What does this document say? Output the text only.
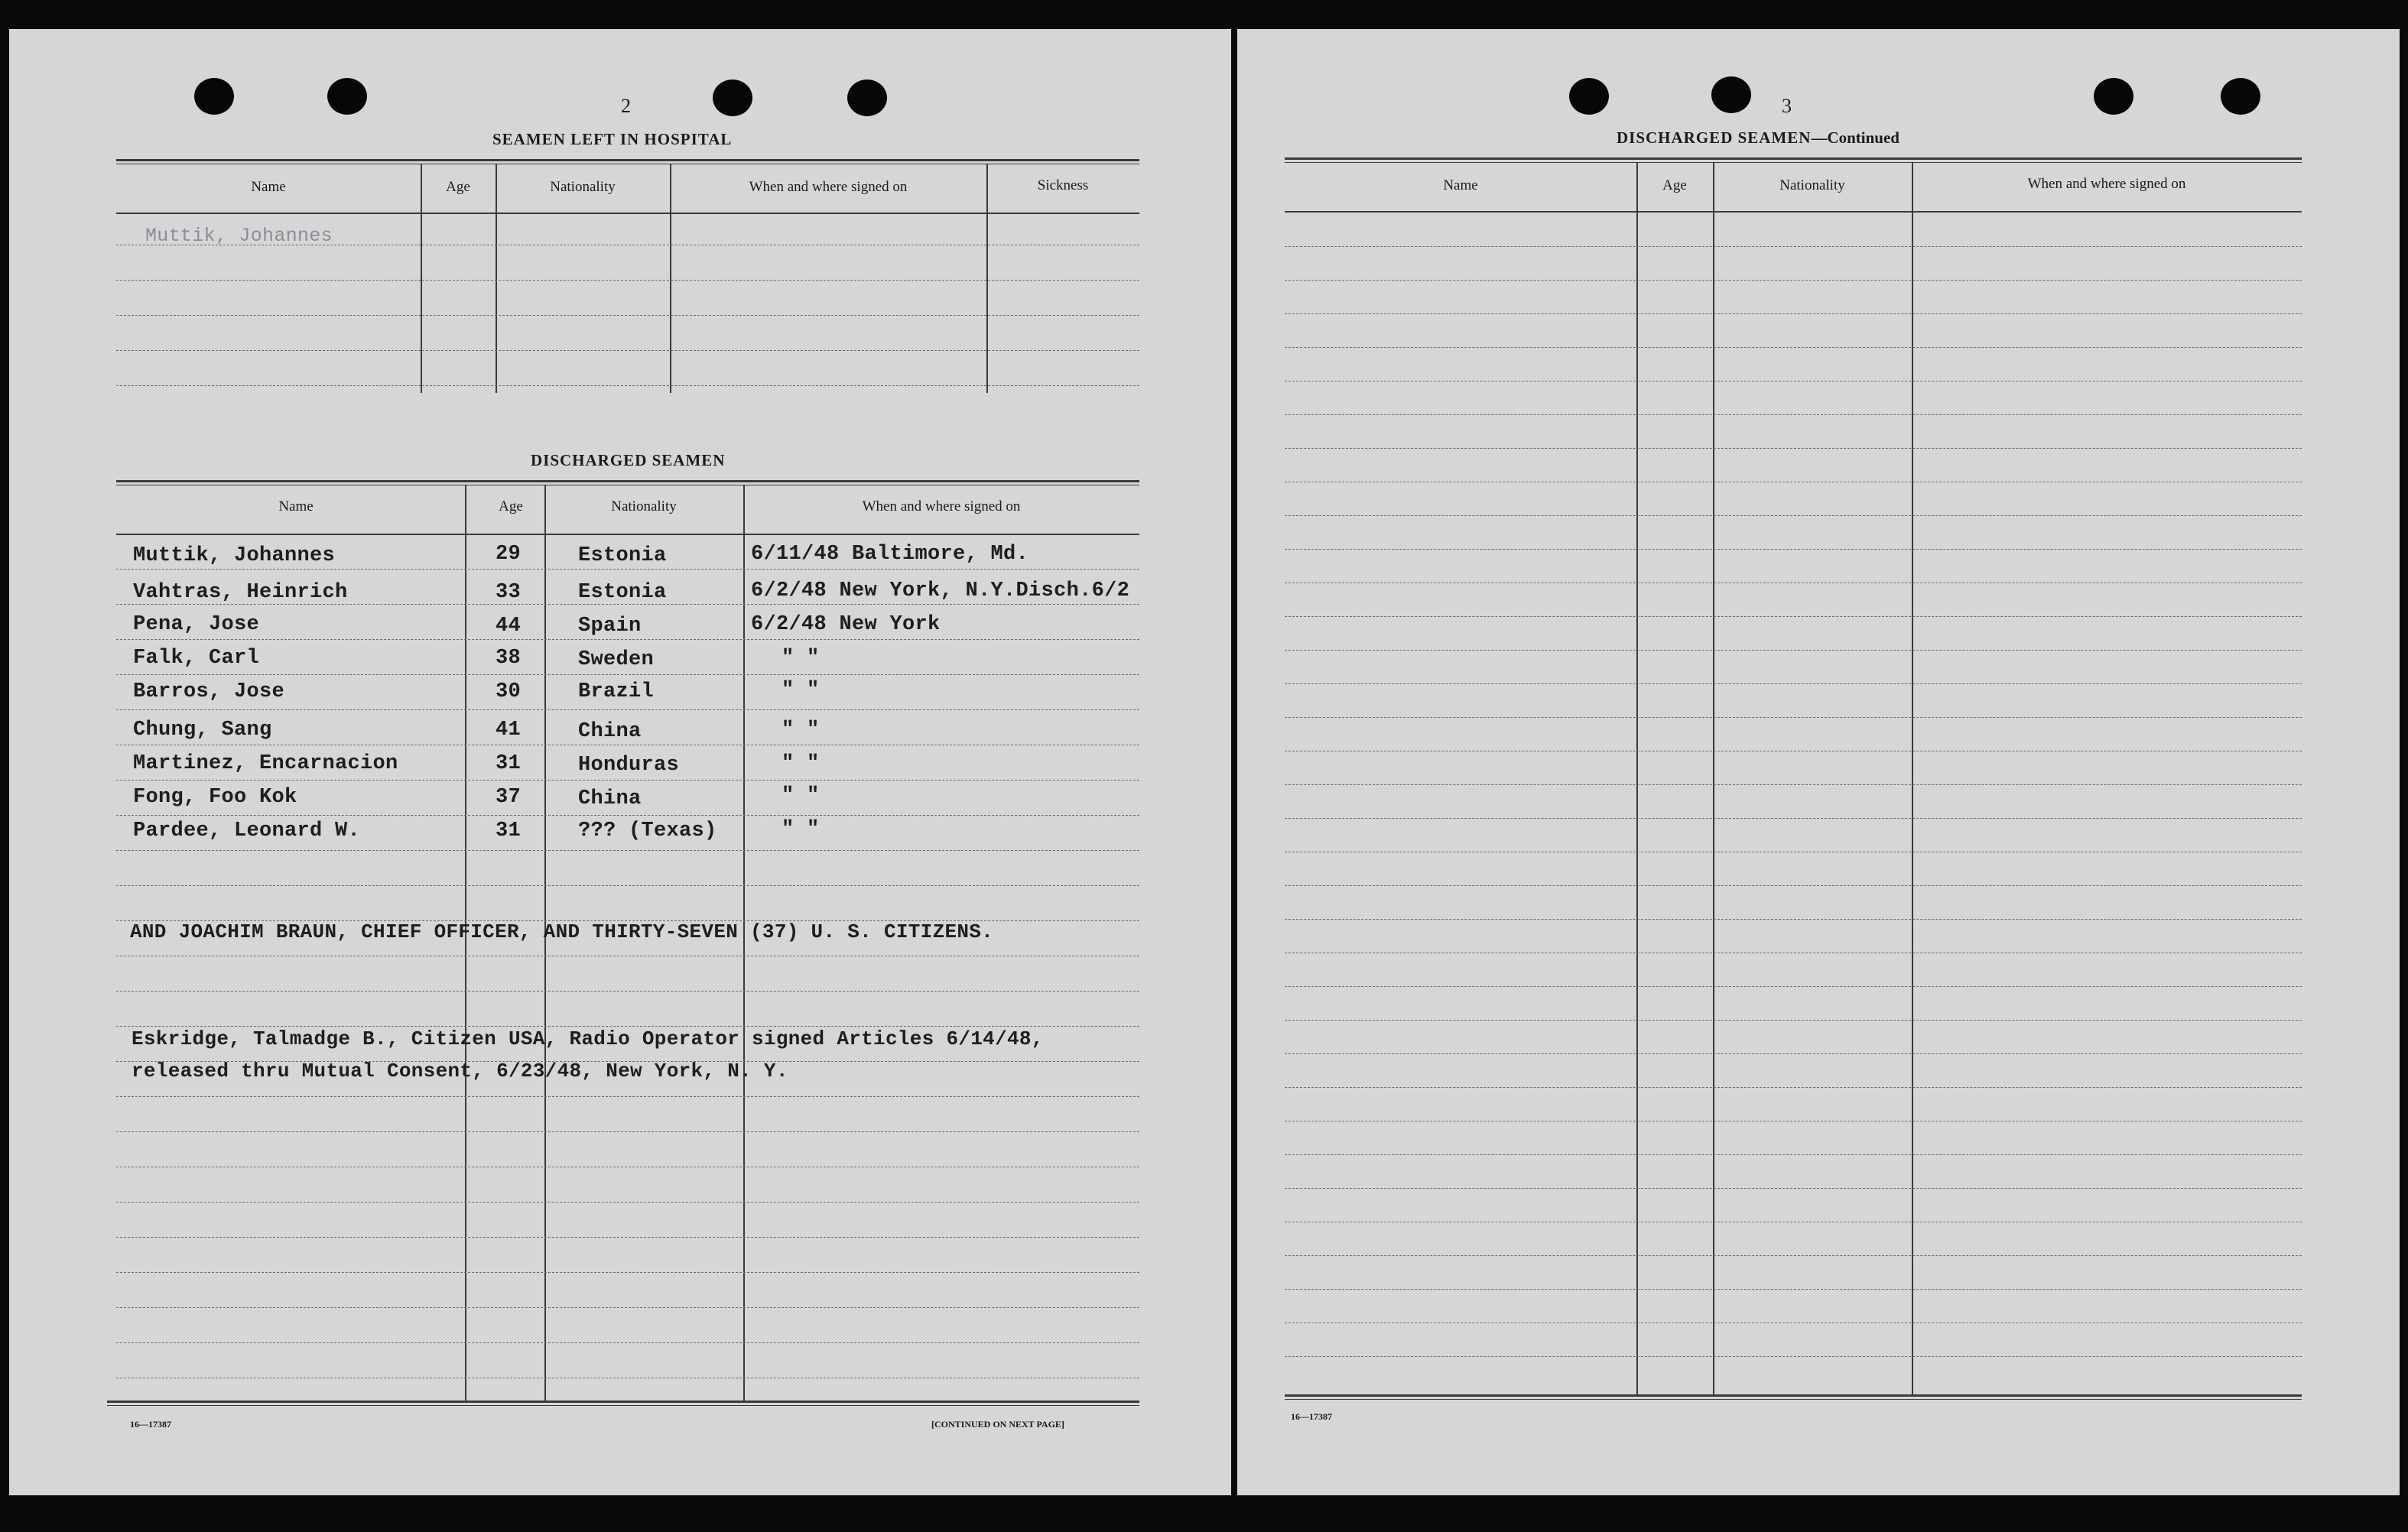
2
SEAMEN LEFT IN HOSPITAL
Name	Age	Nationality	When and where signed on	Sickness
Muttik, Johannes
DISCHARGED SEAMEN
Name	Age	Nationality	When and where signed on
Muttik, Johannes	29	Estonia	6/11/48 Baltimore, Md.
Vahtras, Heinrich	33	Estonia	6/2/48 New York, N.Y.Disch.6/2
Pena, Jose	44	Spain	6/2/48 New York
Falk, Carl	38	Sweden	" "
Barros, Jose	30	Brazil	" "
Chung, Sang	41	China	" "
Martinez, Encarnacion	31	Honduras	" "
Fong, Foo Kok	37	China	" "
Pardee, Leonard W.	31	??? (Texas)	" "
AND JOACHIM BRAUN, CHIEF OFFICER, AND THIRTY-SEVEN (37) U. S. CITIZENS.
Eskridge, Talmadge B., Citizen USA, Radio Operator signed Articles 6/14/48,
released thru Mutual Consent, 6/23/48, New York, N. Y.
16—17387	[CONTINUED ON NEXT PAGE]
3
DISCHARGED SEAMEN—Continued
Name	Age	Nationality	When and where signed on
16—17387
